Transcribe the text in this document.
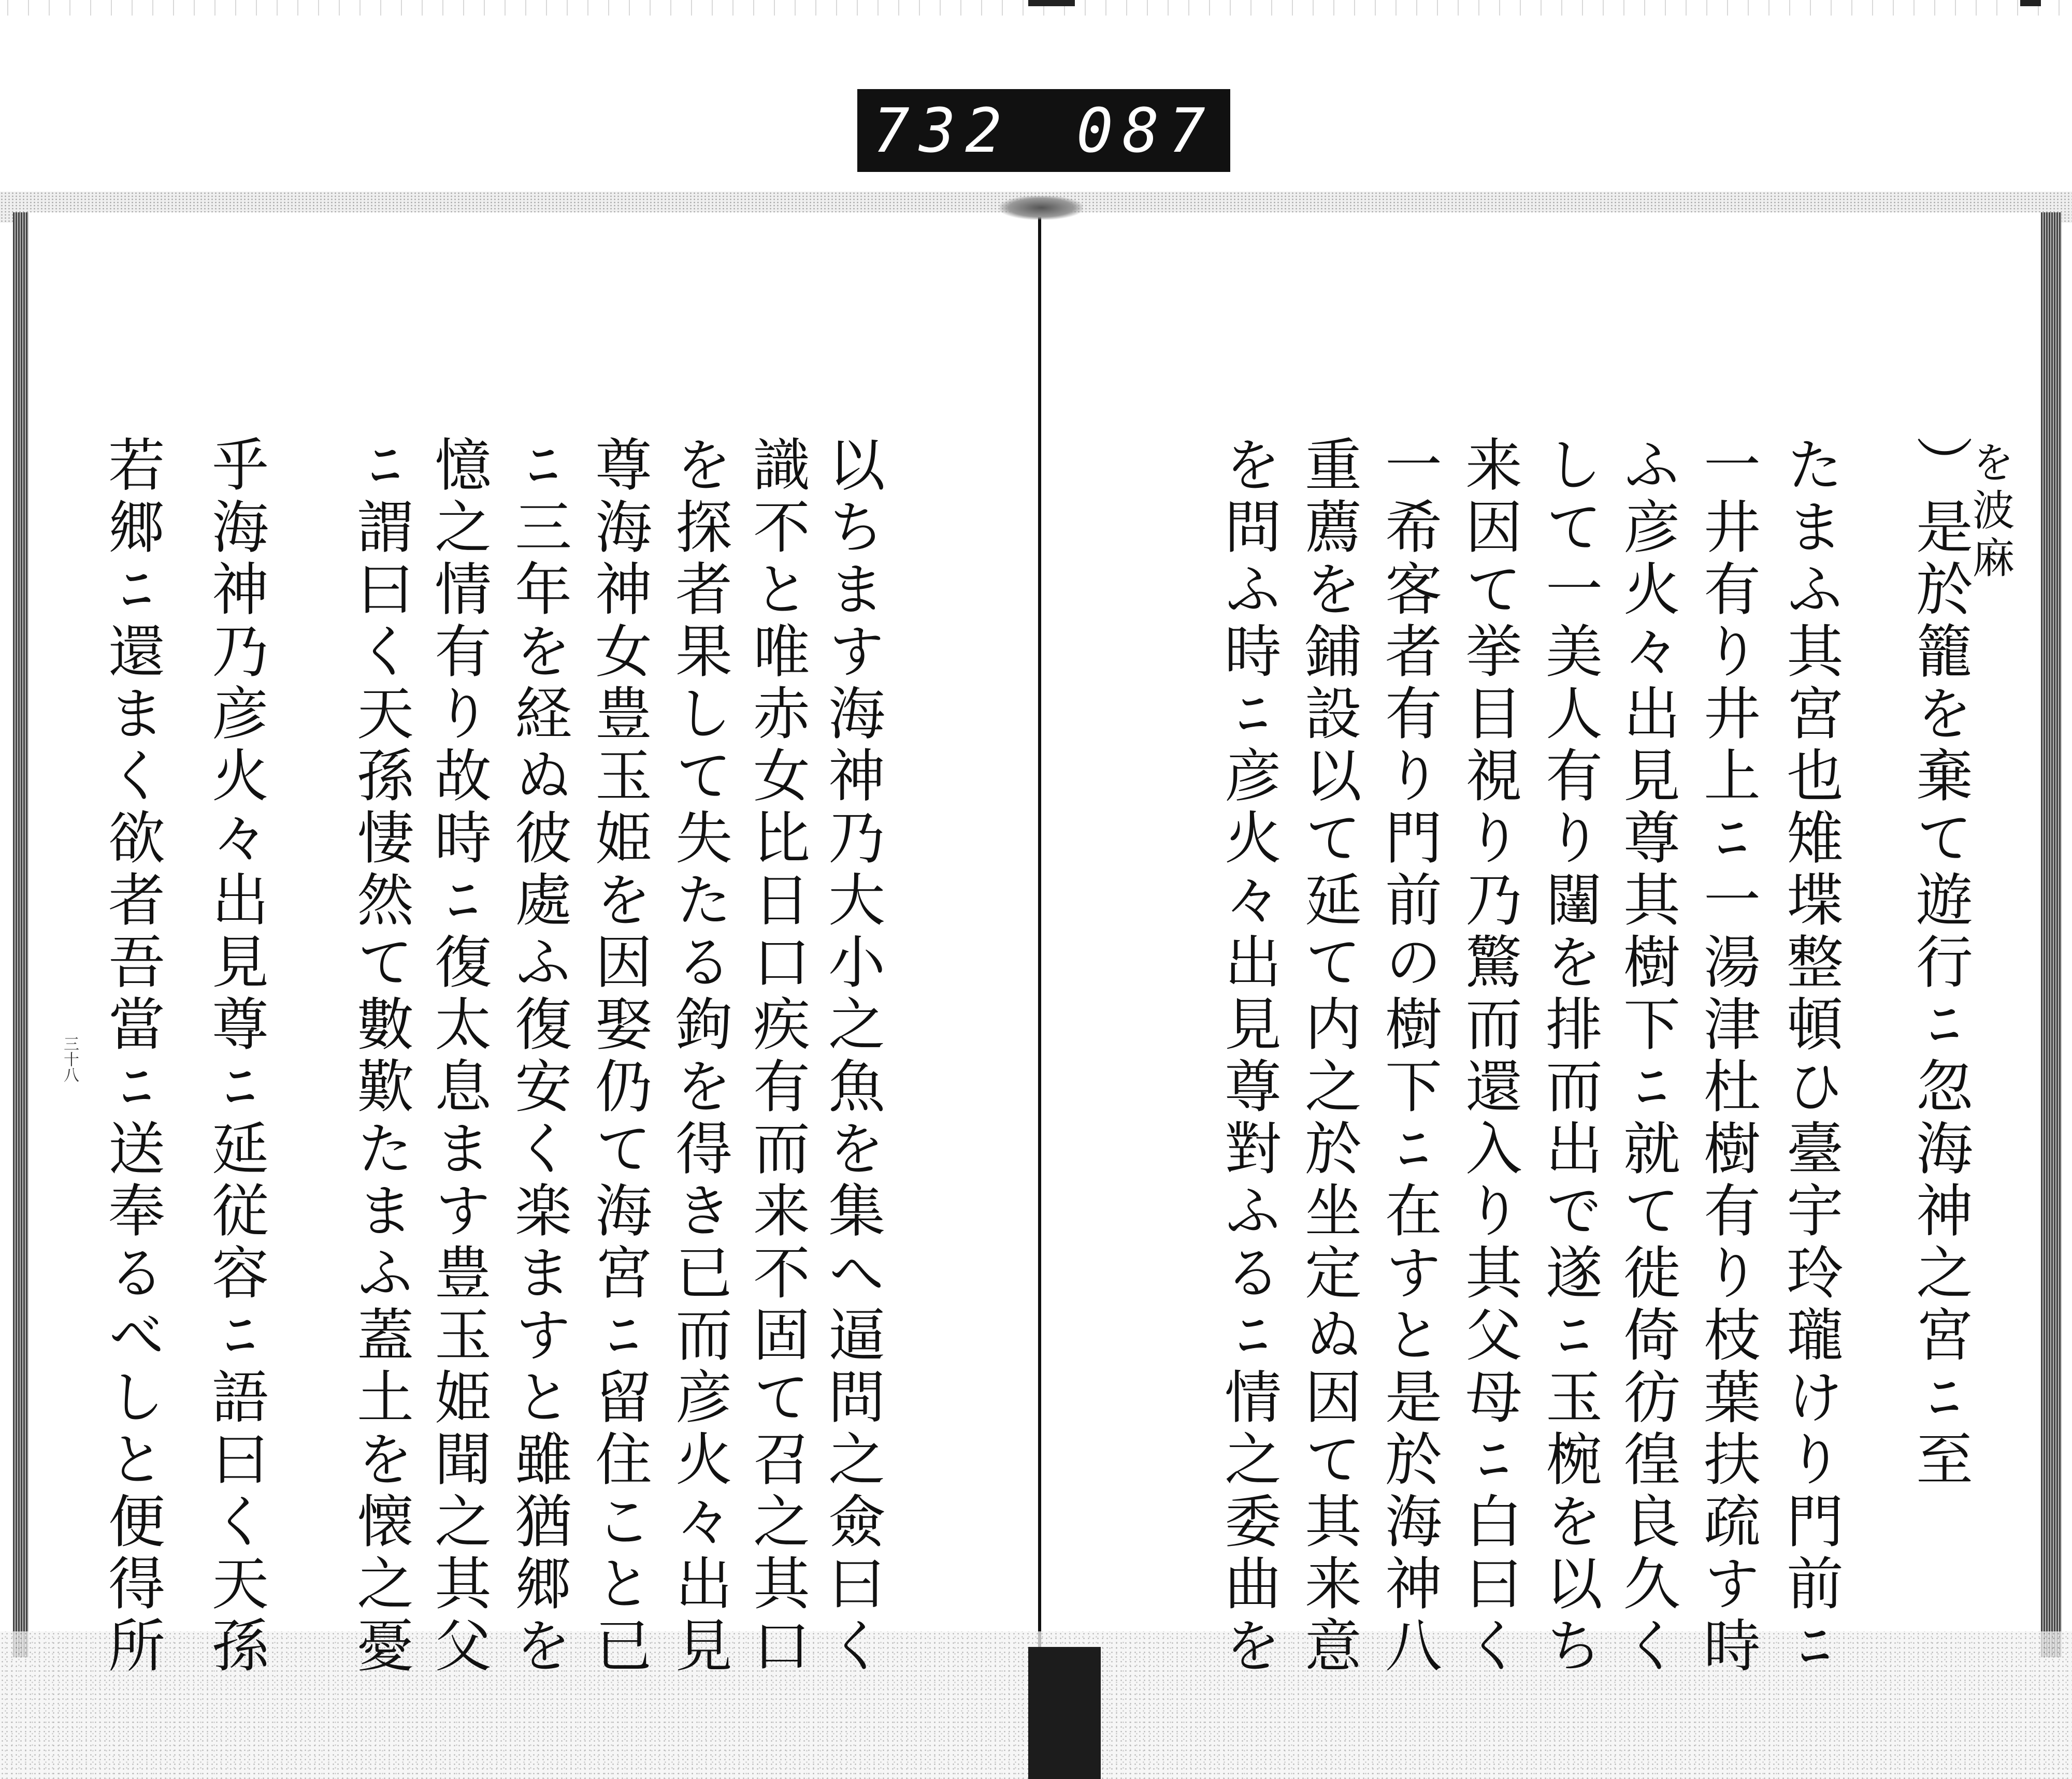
732 087
三十八	）是於籠を棄て遊行ﾆ忽海神之宮ﾆ至
たまふ其宮也雉堞整頓ひ臺宇玲瓏けり門前ﾆ
一井有り井上ﾆ一湯津杜樹有り枝葉扶疏す時
ふ彦火々出見尊其樹下ﾆ就て徙倚彷徨良久く
して一美人有り闥を排而出で遂ﾆ玉椀を以ち
来因て挙目視り乃驚而還入り其父母ﾆ白曰く
一希客者有り門前の樹下ﾆ在すと是於海神八
重薦を鋪設以て延て内之於坐定ぬ因て其来意
を問ふ時ﾆ彦火々出見尊對ふるﾆ情之委曲を	を波麻
以ちます海神乃大小之魚を集へ逼問之僉曰く
識不と唯赤女比日口疾有而来不固て召之其口
を探者果して失たる鉤を得き已而彦火々出見
尊海神女豊玉姫を因娶仍て海宮ﾆ留住こと已
ﾆ三年を経ぬ彼處ふ復安く楽ますと雖猶郷を
憶之情有り故時ﾆ復太息ます豊玉姫聞之其父
ﾆ謂曰く天孫悽然て數歎たまふ蓋土を懐之憂
乎海神乃彦火々出見尊ﾆ延従容ﾆ語曰く天孫
若郷ﾆ還まく欲者吾當ﾆ送奉るべしと便得所
